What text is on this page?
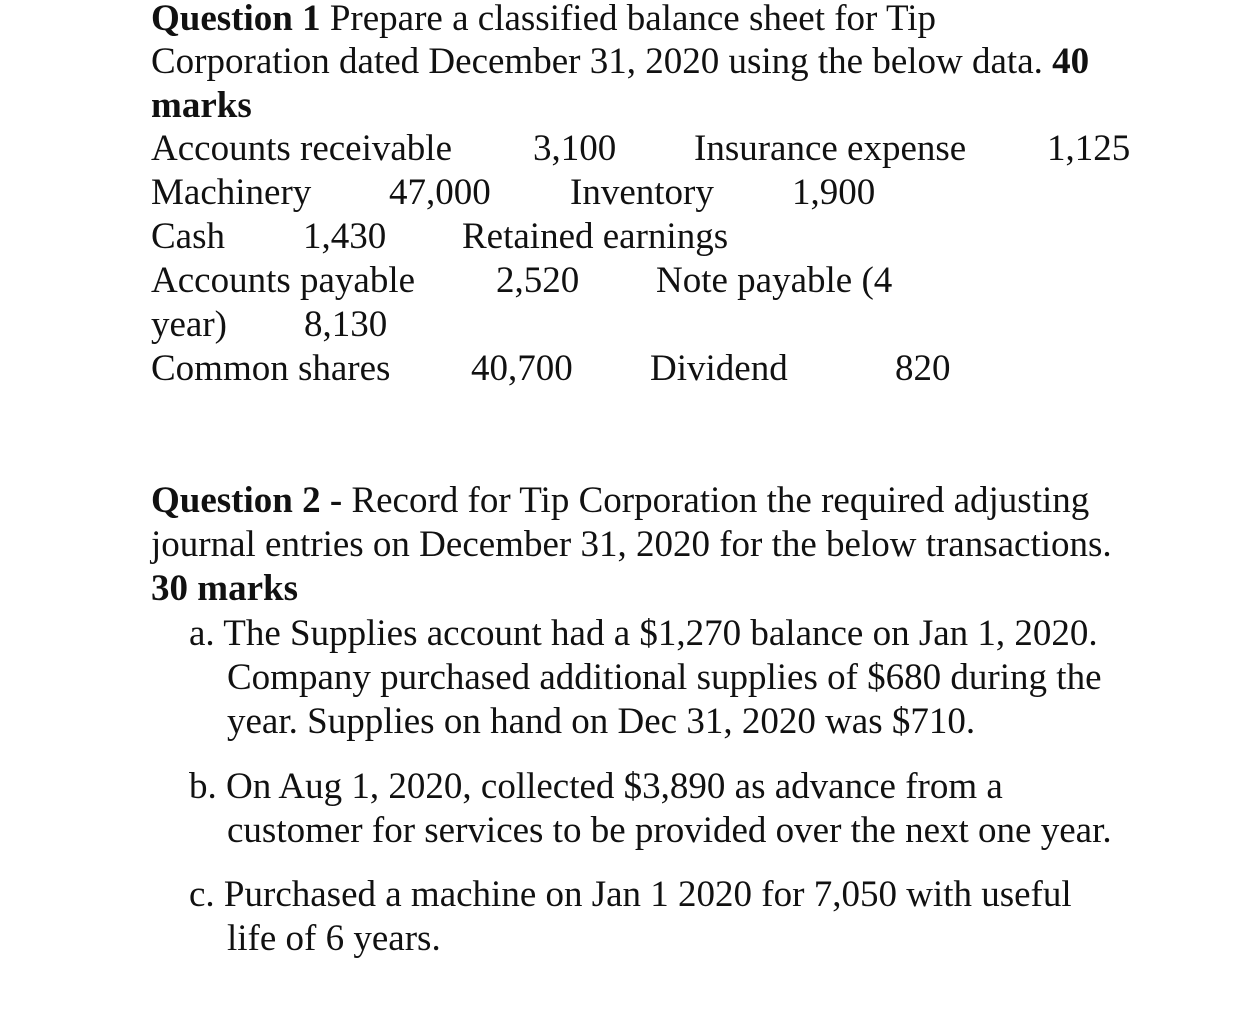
Question 1 Prepare a classified balance sheet for Tip
Corporation dated December 31, 2020 using the below data. 40
marks
Accounts receivable 3,100 Insurance expense 1,125
Machinery 47,000 Inventory 1,900
Cash 1,430 Retained earnings
Accounts payable 2,520 Note payable (4
year) 8,130
Common shares 40,700 Dividend	820
Question 2 - Record for Tip Corporation the required adjusting
journal entries on December 31, 2020 for the below transactions.
30 marks
a. The Supplies account had a $1,270 balance on Jan 1, 2020.
Company purchased additional supplies of $680 during the
year. Supplies on hand on Dec 31, 2020 was $710.
b. On Aug 1, 2020, collected $3,890 as advance from a
customer for services to be provided over the next one year.
c. Purchased a machine on Jan 1 2020 for 7,050 with useful
life of 6 years.
